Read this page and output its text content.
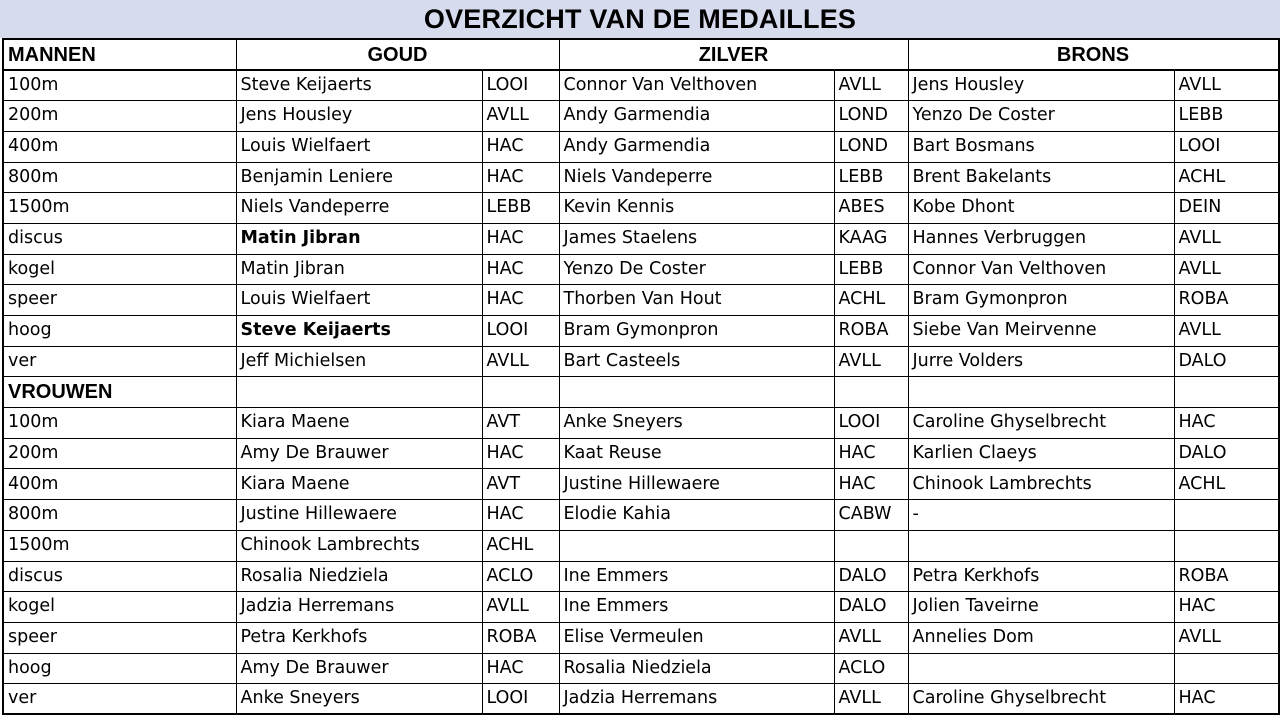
OVERZICHT VAN DE MEDAILLES
MANNEN	GOUD		ZILVER		BRONS	
100m	Steve Keijaerts	LOOI	Connor Van Velthoven	AVLL	Jens Housley	AVLL
200m	Jens Housley	AVLL	Andy Garmendia	LOND	Yenzo De Coster	LEBB
400m	Louis Wielfaert	HAC	Andy Garmendia	LOND	Bart Bosmans	LOOI
800m	Benjamin Leniere	HAC	Niels Vandeperre	LEBB	Brent Bakelants	ACHL
1500m	Niels Vandeperre	LEBB	Kevin Kennis	ABES	Kobe Dhont	DEIN
discus	Matin Jibran	HAC	James Staelens	KAAG	Hannes Verbruggen	AVLL
kogel	Matin Jibran	HAC	Yenzo De Coster	LEBB	Connor Van Velthoven	AVLL
speer	Louis Wielfaert	HAC	Thorben Van Hout	ACHL	Bram Gymonpron	ROBA
hoog	Steve Keijaerts	LOOI	Bram Gymonpron	ROBA	Siebe Van Meirvenne	AVLL
ver	Jeff Michielsen	AVLL	Bart Casteels	AVLL	Jurre Volders	DALO
VROUWEN						
100m	Kiara Maene	AVT	Anke Sneyers	LOOI	Caroline Ghyselbrecht	HAC
200m	Amy De Brauwer	HAC	Kaat Reuse	HAC	Karlien Claeys	DALO
400m	Kiara Maene	AVT	Justine Hillewaere	HAC	Chinook Lambrechts	ACHL
800m	Justine Hillewaere	HAC	Elodie Kahia	CABW	-	
1500m	Chinook Lambrechts	ACHL				
discus	Rosalia Niedziela	ACLO	Ine Emmers	DALO	Petra Kerkhofs	ROBA
kogel	Jadzia Herremans	AVLL	Ine Emmers	DALO	Jolien Taveirne	HAC
speer	Petra Kerkhofs	ROBA	Elise Vermeulen	AVLL	Annelies Dom	AVLL
hoog	Amy De Brauwer	HAC	Rosalia Niedziela	ACLO		
ver	Anke Sneyers	LOOI	Jadzia Herremans	AVLL	Caroline Ghyselbrecht	HAC
